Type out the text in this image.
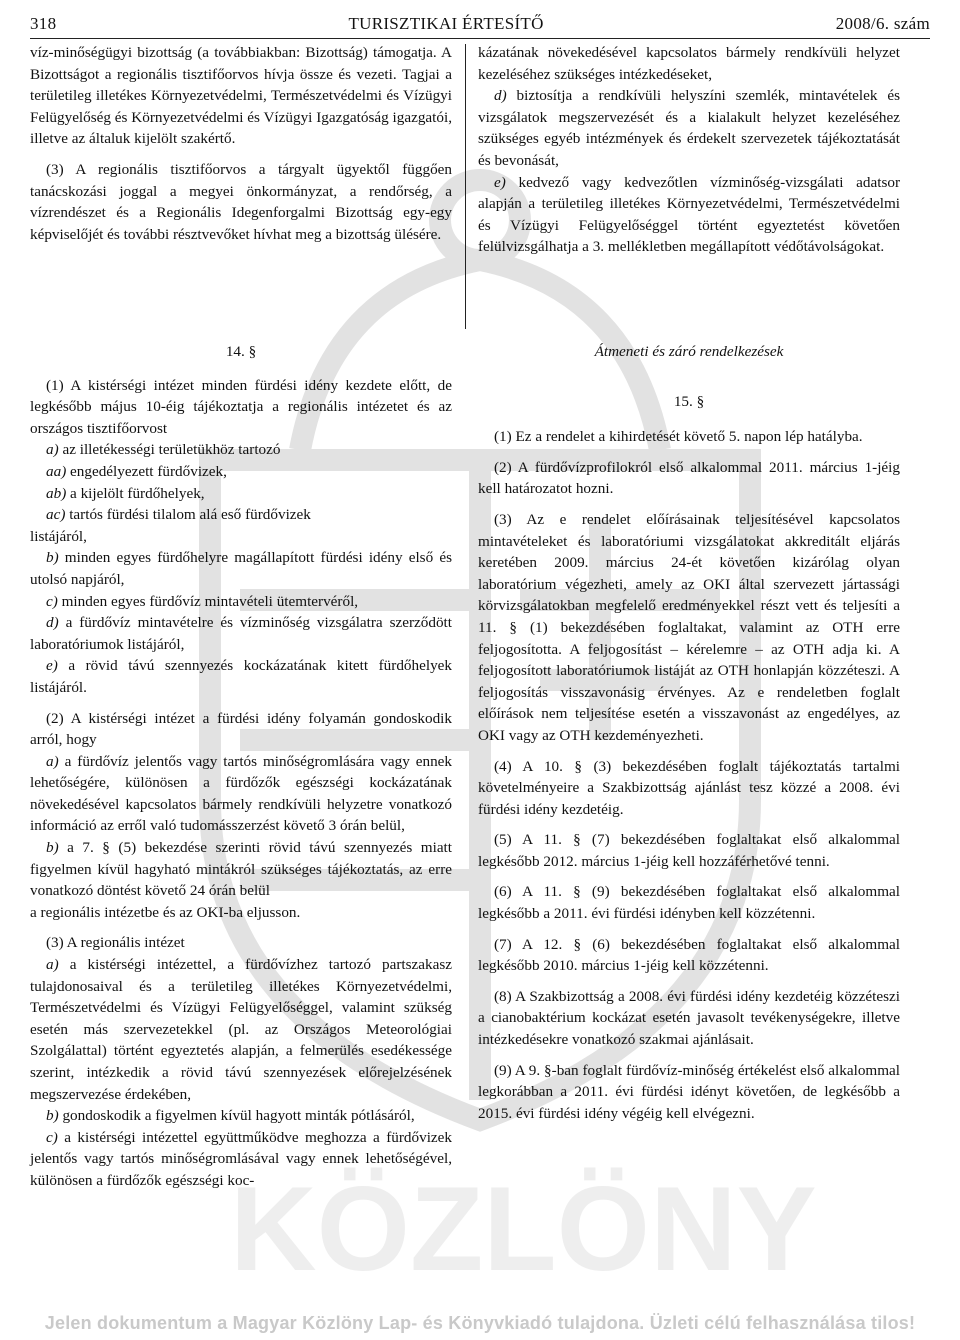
KÖZLÖNY
318	TURISZTIKAI ÉRTESÍTŐ	2008/6. szám

víz-minőségügyi bizottság (a továbbiakban: Bizottság) támogatja. A Bizottságot a regionális tisztifőorvos hívja össze és vezeti. Tagjai a területileg illetékes Környezetvédelmi, Természetvédelmi és Vízügyi Felügyelőség és Környezetvédelmi és Vízügyi Igazgatóság igazgatói, illetve az általuk kijelölt szakértő.

(3) A regionális tisztifőorvos a tárgyalt ügyektől függően tanácskozási joggal a megyei önkormányzat, a rendőrség, a vízrendészet és a Regionális Idegenforgalmi Bizottság egy-egy képviselőjét és további résztvevőket hívhat meg a bizottság ülésére.

kázatának növekedésével kapcsolatos bármely rendkívüli helyzet kezeléséhez szükséges intézkedéseket,

d) biztosítja a rendkívüli helyszíni szemlék, mintavételek és vizsgálatok megszervezését és a kialakult helyzet kezeléséhez szükséges egyéb intézmények és érdekelt szervezetek tájékoztatását és bevonását,

e) kedvező vagy kedvezőtlen vízminőség-vizsgálati adatsor alapján a területileg illetékes Környezetvédelmi, Természetvédelmi és Vízügyi Felügyelőséggel történt egyeztetést követően felülvizsgálhatja a 3. mellékletben megállapított védőtávolságokat.

14. §

(1) A kistérségi intézet minden fürdési idény kezdete előtt, de legkésőbb május 10-éig tájékoztatja a regionális intézetet és az országos tisztifőorvost

a) az illetékességi területükhöz tartozó

aa) engedélyezett fürdővizek,

ab) a kijelölt fürdőhelyek,

ac) tartós fürdési tilalom alá eső fürdővizek

listájáról,

b) minden egyes fürdőhelyre magállapított fürdési idény első és utolsó napjáról,

c) minden egyes fürdővíz mintavételi ütemtervéről,

d) a fürdővíz mintavételre és vízminőség vizsgálatra szerződött laboratóriumok listájáról,

e) a rövid távú szennyezés kockázatának kitett fürdőhelyek listájáról.

(2) A kistérségi intézet a fürdési idény folyamán gondoskodik arról, hogy

a) a fürdővíz jelentős vagy tartós minőségromlására vagy ennek lehetőségére, különösen a fürdőzők egészségi kockázatának növekedésével kapcsolatos bármely rendkívüli helyzetre vonatkozó információ az erről való tudomásszerzést követő 3 órán belül,

b) a 7. § (5) bekezdése szerinti rövid távú szennyezés miatt figyelmen kívül hagyható mintákról szükséges tájékoztatás, az erre vonatkozó döntést követő 24 órán belül

a regionális intézetbe és az OKI-ba eljusson.

(3) A regionális intézet

a) a kistérségi intézettel, a fürdővízhez tartozó partszakasz tulajdonosaival és a területileg illetékes Környezetvédelmi, Természetvédelmi és Vízügyi Felügyelőséggel, valamint szükség esetén más szervezetekkel (pl. az Országos Meteorológiai Szolgálattal) történt egyeztetés alapján, a felmerülés esedékessége szerint, intézkedik a rövid távú szennyezések előrejelzésének megszervezése érdekében,

b) gondoskodik a figyelmen kívül hagyott minták pótlásáról,

c) a kistérségi intézettel együttműködve meghozza a fürdővizek jelentős vagy tartós minőségromlásával vagy ennek lehetőségével, különösen a fürdőzők egészségi koc-

Átmeneti és záró rendelkezések
15. §

(1) Ez a rendelet a kihirdetését követő 5. napon lép hatályba.

(2) A fürdővízprofilokról első alkalommal 2011. március 1-jéig kell határozatot hozni.

(3) Az e rendelet előírásainak teljesítésével kapcsolatos mintavételeket és laboratóriumi vizsgálatokat akkreditált eljárás keretében 2009. március 24-ét követően kizárólag olyan laboratórium végezheti, amely az OKI által szervezett jártassági körvizsgálatokban megfelelő eredményekkel részt vett és teljesíti a 11. § (1) bekezdésében foglaltakat, valamint az OTH erre feljogosította. A feljogosítást – kérelemre – az OTH adja ki. A feljogosított laboratóriumok listáját az OTH honlapján közzéteszi. A feljogosítás visszavonásig érvényes. Az e rendeletben foglalt előírások nem teljesítése esetén a visszavonást az engedélyes, az OKI vagy az OTH kezdeményezheti.

(4) A 10. § (3) bekezdésében foglalt tájékoztatás tartalmi követelményeire a Szakbizottság ajánlást tesz közzé a 2008. évi fürdési idény kezdetéig.

(5) A 11. § (7) bekezdésében foglaltakat első alkalommal legkésőbb 2012. március 1-jéig kell hozzáférhetővé tenni.

(6) A 11. § (9) bekezdésében foglaltakat első alkalommal legkésőbb a 2011. évi fürdési idényben kell közzétenni.

(7) A 12. § (6) bekezdésében foglaltakat első alkalommal legkésőbb 2010. március 1-jéig kell közzétenni.

(8) A Szakbizottság a 2008. évi fürdési idény kezdetéig közzéteszi a cianobaktérium kockázat esetén javasolt tevékenységekre, illetve intézkedésekre vonatkozó szakmai ajánlásait.

(9) A 9. §-ban foglalt fürdővíz-minőség értékelést első alkalommal legkorábban a 2011. évi fürdési idényt követően, de legkésőbb a 2015. évi fürdési idény végéig kell elvégezni.

Jelen dokumentum a Magyar Közlöny Lap- és Könyvkiadó tulajdona. Üzleti célú felhasználása tilos!
